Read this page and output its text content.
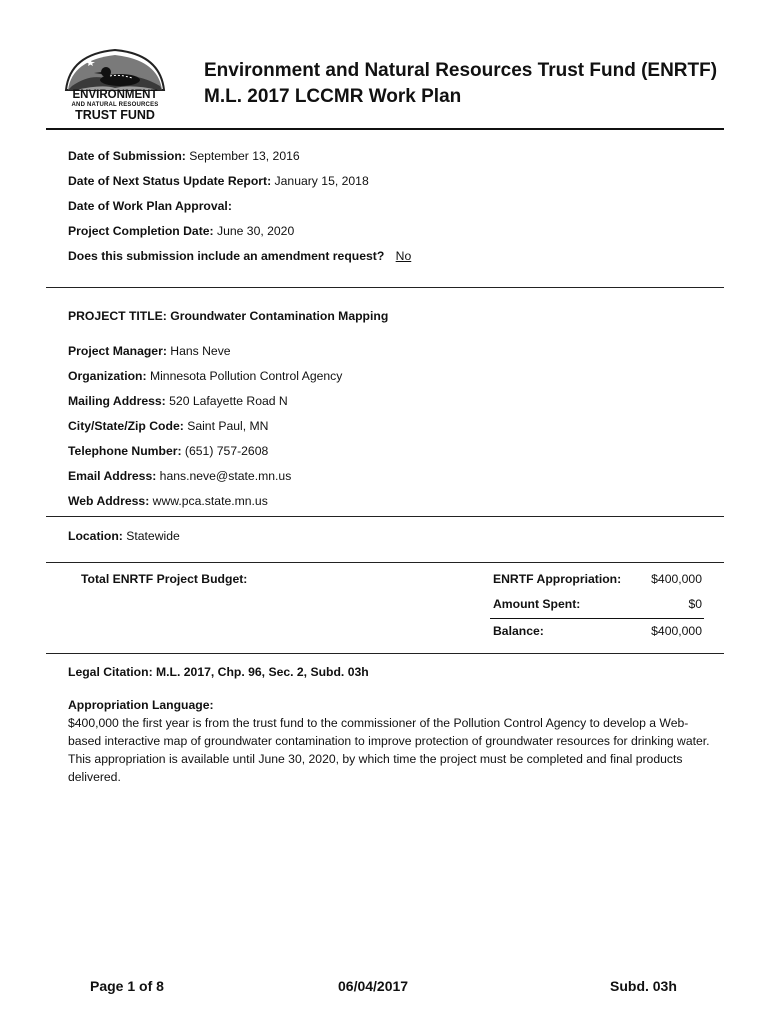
ENVIRONMENT
AND NATURAL RESOURCES
TRUST FUND
Environment and Natural Resources Trust Fund (ENRTF)
M.L. 2017 LCCMR Work Plan
Date of Submission: September 13, 2016
Date of Next Status Update Report: January 15, 2018
Date of Work Plan Approval:
Project Completion Date: June 30, 2020
Does this submission include an amendment request? No
PROJECT TITLE: Groundwater Contamination Mapping
Project Manager: Hans Neve
Organization: Minnesota Pollution Control Agency
Mailing Address: 520 Lafayette Road N
City/State/Zip Code: Saint Paul, MN
Telephone Number: (651) 757-2608
Email Address: hans.neve@state.mn.us
Web Address: www.pca.state.mn.us
Location: Statewide
Total ENRTF Project Budget:	ENRTF Appropriation:	$400,000
Amount Spent:	$0
Balance:	$400,000
Legal Citation: M.L. 2017, Chp. 96, Sec. 2, Subd. 03h
Appropriation Language:
$400,000 the first year is from the trust fund to the commissioner of the Pollution Control Agency to develop a Web-based interactive map of groundwater contamination to improve protection of groundwater resources for drinking water. This appropriation is available until June 30, 2020, by which time the project must be completed and final products delivered.
Page 1 of 8	06/04/2017	Subd. 03h
